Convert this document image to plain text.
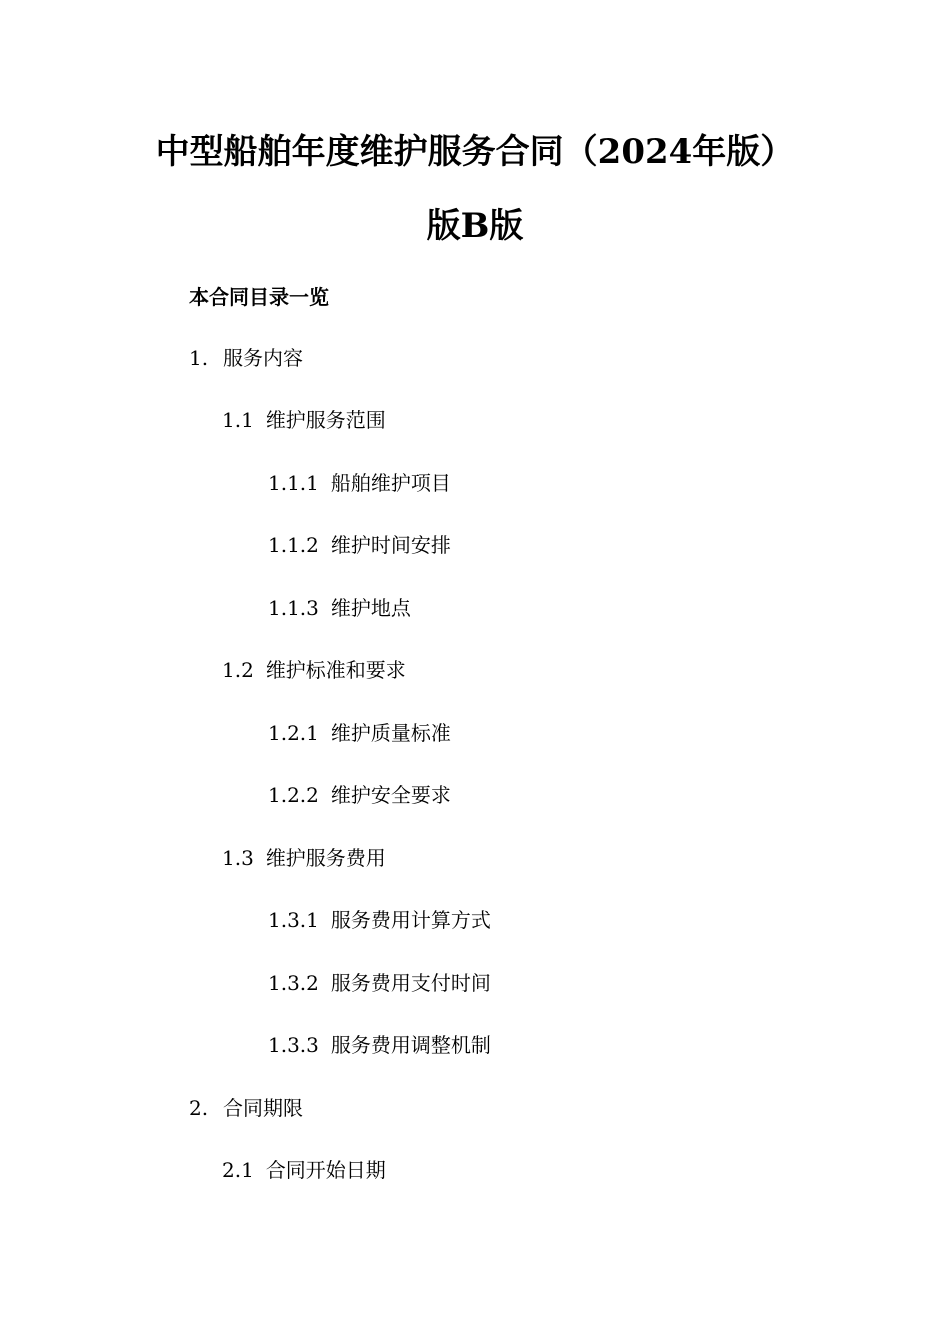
中型船舶年度维护服务合同（2024年版）
版B版
本合同目录一览
1. 服务内容
1.1 维护服务范围
1.1.1 船舶维护项目
1.1.2 维护时间安排
1.1.3 维护地点
1.2 维护标准和要求
1.2.1 维护质量标准
1.2.2 维护安全要求
1.3 维护服务费用
1.3.1 服务费用计算方式
1.3.2 服务费用支付时间
1.3.3 服务费用调整机制
2. 合同期限
2.1 合同开始日期
